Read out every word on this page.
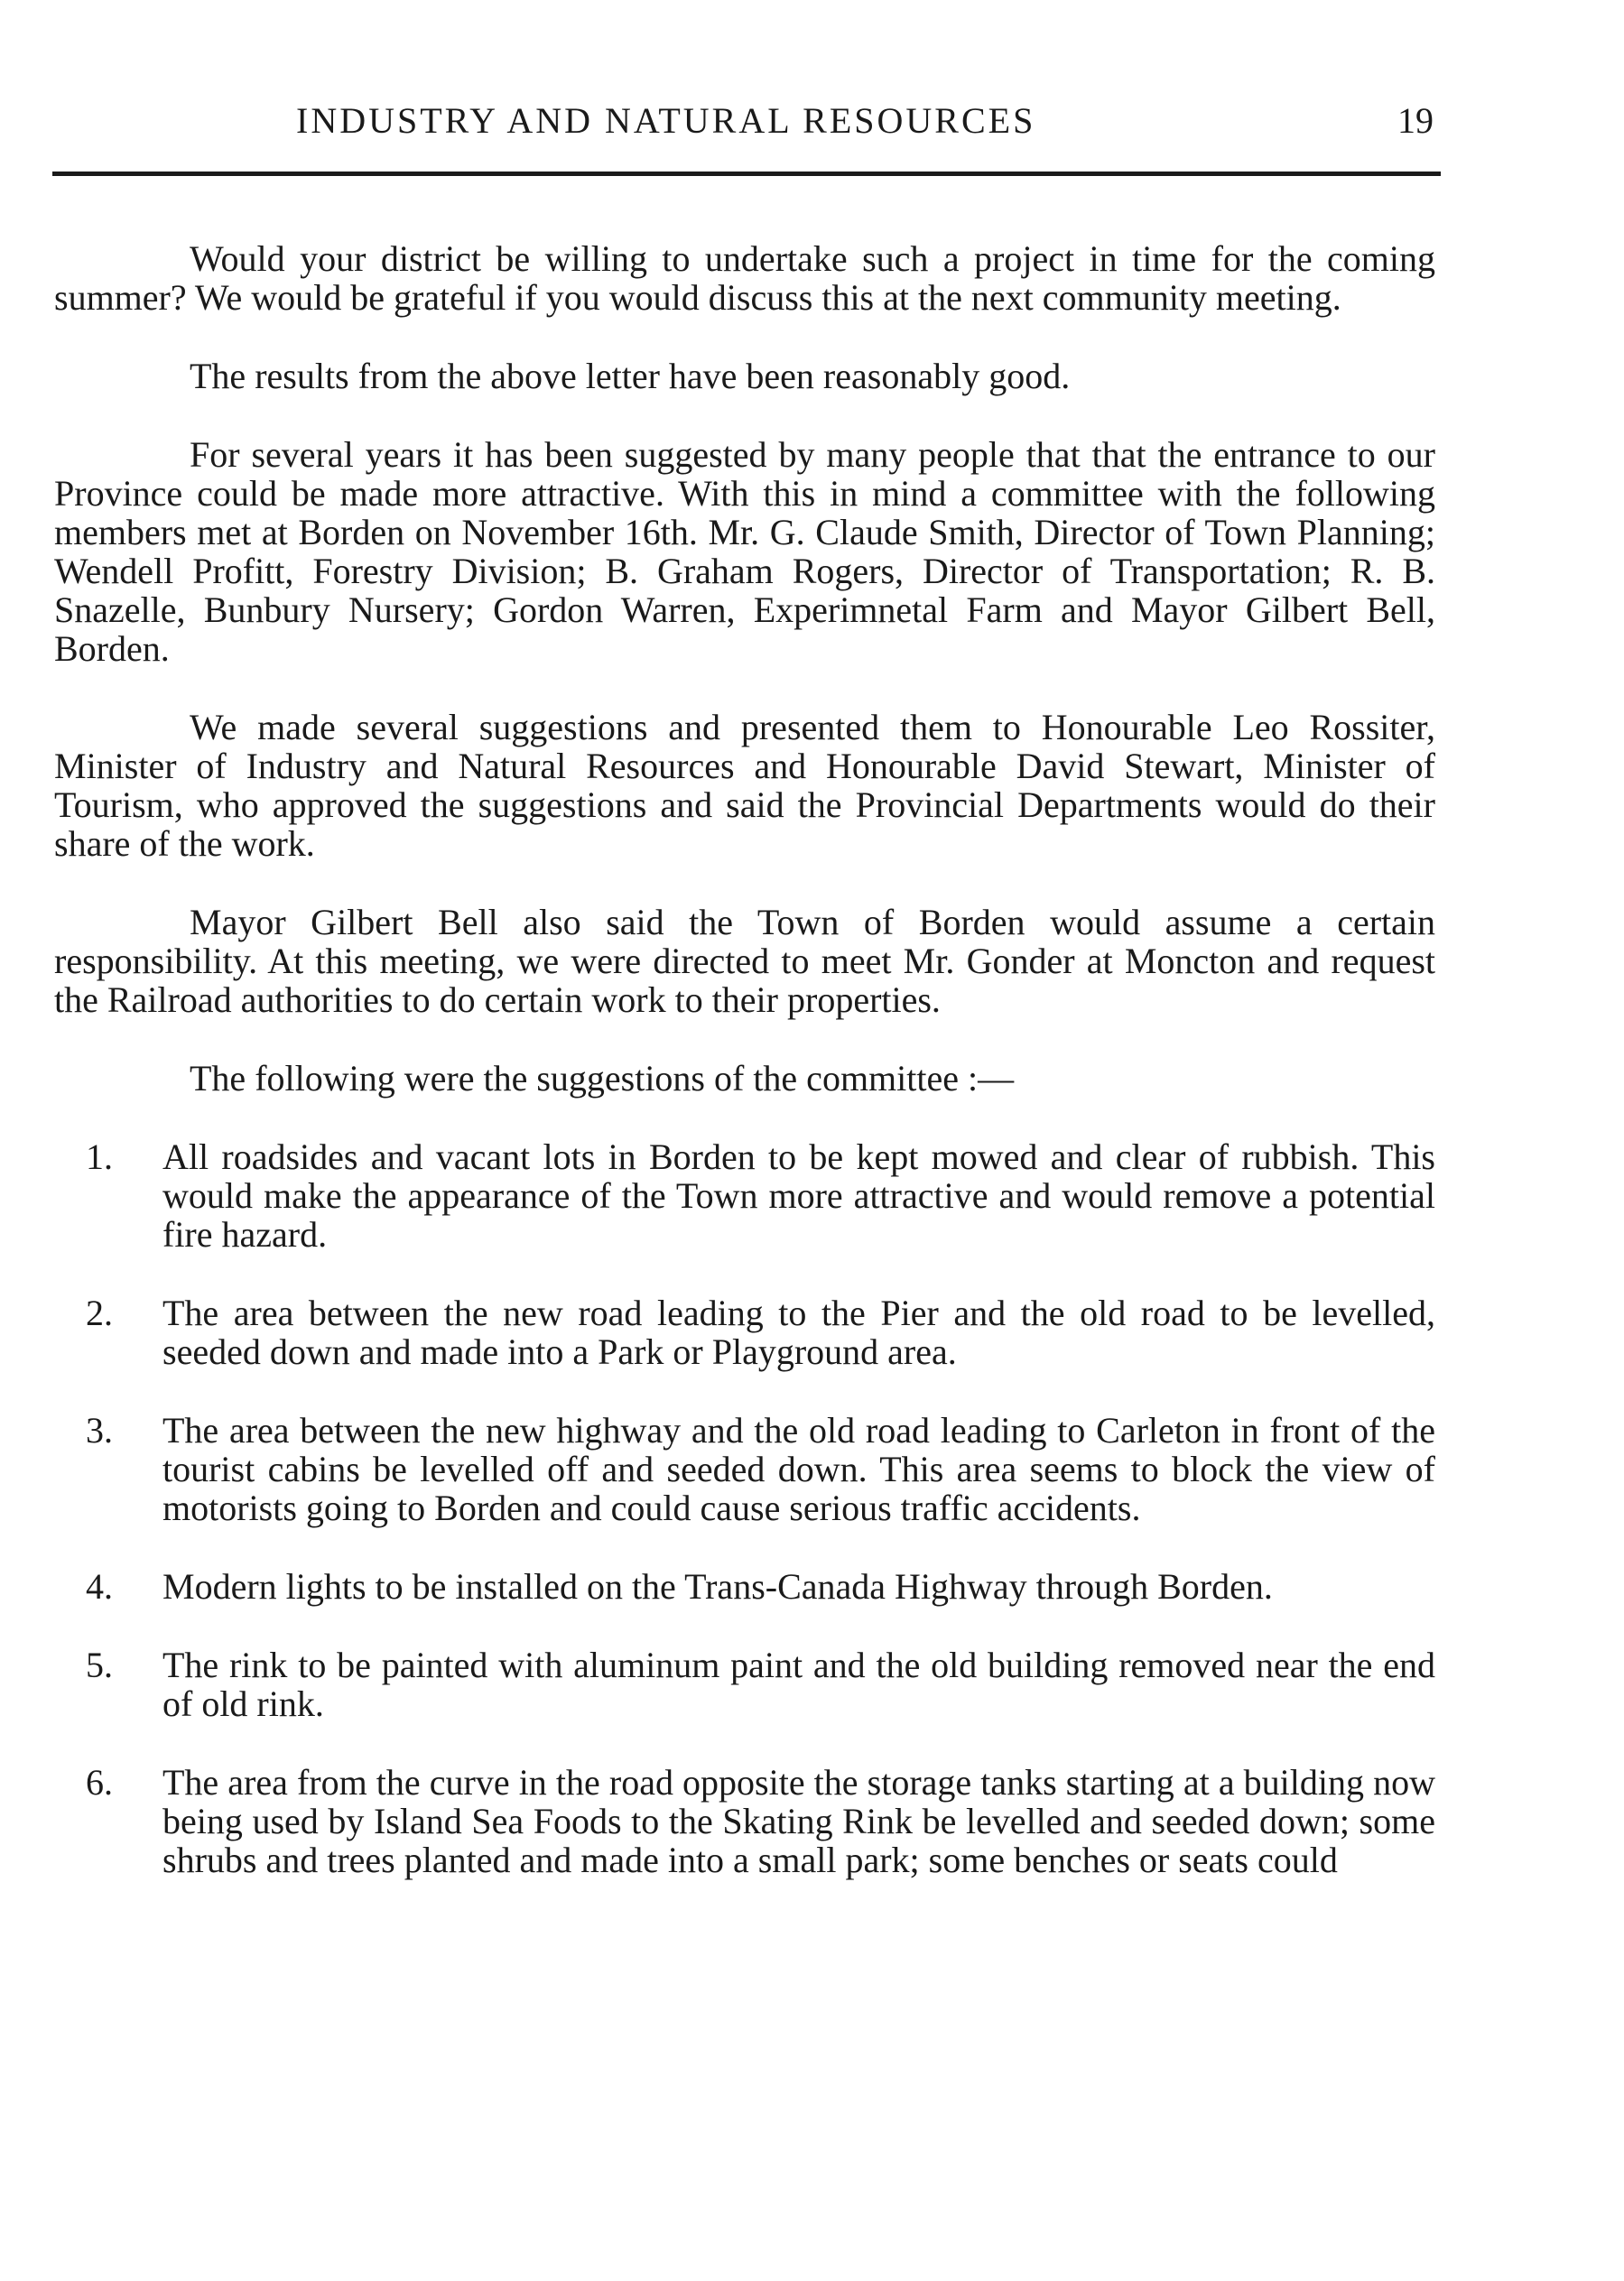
INDUSTRY AND NATURAL RESOURCES	19

Would your district be willing to undertake such a project in time for the coming summer? We would be grateful if you would discuss this at the next community meeting.

The results from the above letter have been reasonably good.

For several years it has been suggested by many people that that the entrance to our Province could be made more attractive. With this in mind a committee with the following members met at Borden on November 16th. Mr. G. Claude Smith, Director of Town Planning; Wendell Profitt, Forestry Division; B. Graham Rogers, Director of Transportation; R. B. Snazelle, Bunbury Nursery; Gordon Warren, Experimnetal Farm and Mayor Gilbert Bell, Borden.

We made several suggestions and presented them to Honourable Leo Rossiter, Minister of Industry and Natural Resources and Honourable David Stewart, Minister of Tourism, who approved the suggestions and said the Provincial Departments would do their share of the work.

Mayor Gilbert Bell also said the Town of Borden would assume a certain responsibility. At this meeting, we were directed to meet Mr. Gonder at Moncton and request the Railroad authorities to do certain work to their properties.

The following were the suggestions of the committee :—

1.	All roadsides and vacant lots in Borden to be kept mowed and clear of rubbish. This would make the appearance of the Town more attractive and would remove a potential fire hazard.
2.	The area between the new road leading to the Pier and the old road to be levelled, seeded down and made into a Park or Playground area.
3.	The area between the new highway and the old road leading to Carleton in front of the tourist cabins be levelled off and seeded down. This area seems to block the view of motorists going to Borden and could cause serious traffic accidents.
4.	Modern lights to be installed on the Trans-Canada Highway through Borden.
5.	The rink to be painted with aluminum paint and the old building removed near the end of old rink.
6.	The area from the curve in the road opposite the storage tanks starting at a building now being used by Island Sea Foods to the Skating Rink be levelled and seeded down; some shrubs and trees planted and made into a small park; some benches or seats could
